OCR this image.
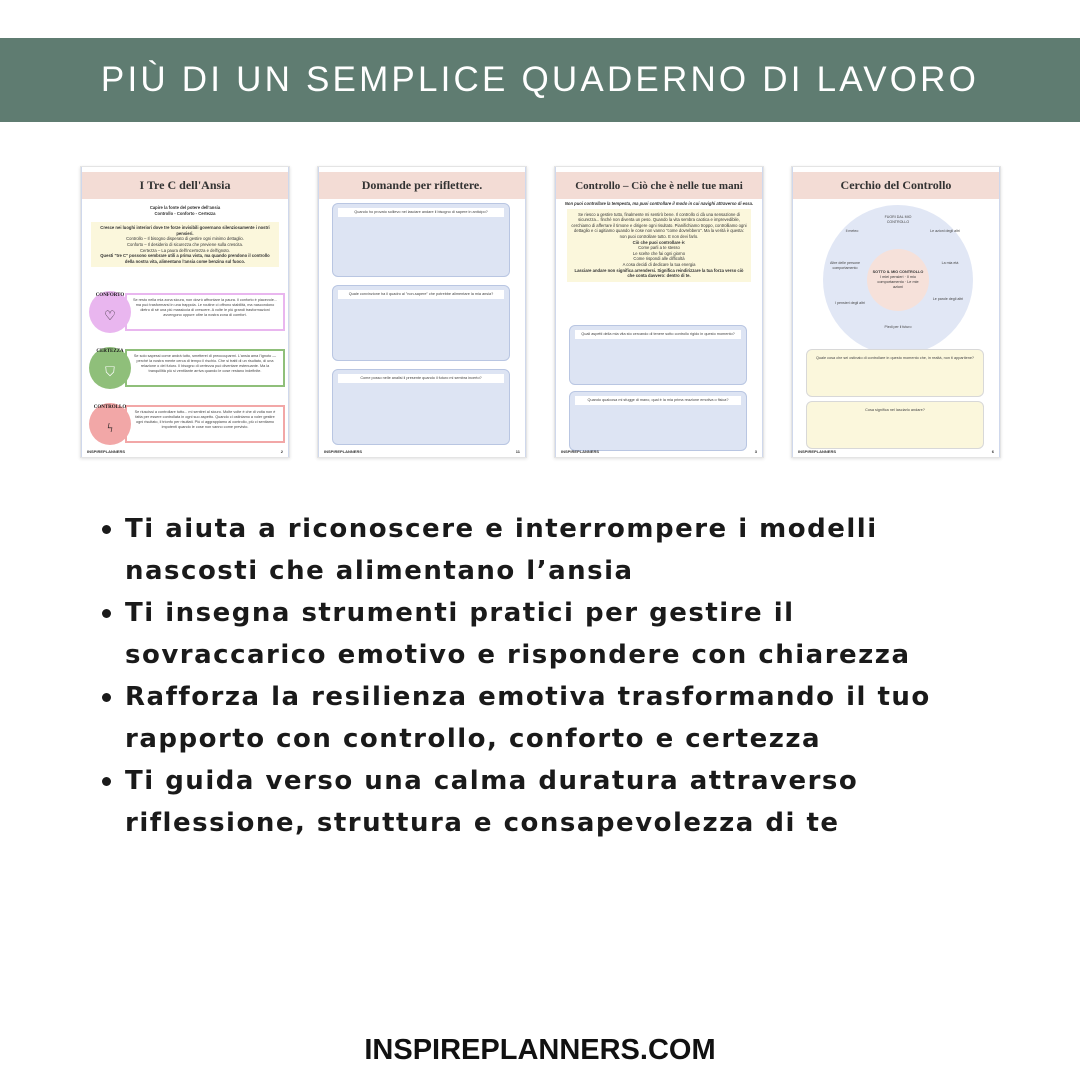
PIÙ DI UN SEMPLICE QUADERNO DI LAVORO
I Tre C dell'Ansia
Capire la fonte del potere dell'ansia
Controllo - Conforto - Certezza
Cresce nei luoghi interiori dove tre forze invisibili governano silenziosamente i nostri pensieri.
Controllo – Il bisogno disperato di gestire ogni minimo dettaglio.
Conforto – Il desiderio di sicurezza che previene sulla crescita.
Certezza – La paura dell'incertezza e dell'ignoto.
Questi "tre C" possono sembrare utili a prima vista, ma quando prendono il controllo della nostra vita, alimentano l'ansia come benzina sul fuoco.
CONFORTO
♡
Se resto nella mia zona sicura, non dovrò affrontare la paura. Il conforto è piacevole... ma può trasformarsi in una trappola. Le routine ci offrono stabilità, ma nascondono dietro di sé una più massiccia di crescere. A volte le più grandi trasformazioni avvengono oppure oltre la nostra zona di comfort.
CERTEZZA
⛉
Se solo sapessi come andrà tutto, smetterei di preoccuparmi. L'ansia ama l'ignoto — perché la nostra mente cerca di tempo il rischio. Che si tratti di un risultato, di una relazione o del futuro. Il bisogno di certezza può diventare estenuante. Ma la tranquillità più si ventilante arriva quando le cose restano indefinite.
CONTROLLO
ϟ
Se riuscissi a controllare tutto... mi sentirei al sicuro. Molte volte è che di volta non è fatta per essere controllata in ogni suo aspetto. Quando ci ostiniamo a voler gestire ogni risultato, il trionfo per risultati. Più ci aggrappiamo al controllo, più ci sentiamo impotenti quando le cose non vanno come previsto.
INSPIREPLANNERS	2
Domande per riflettere.
Quando ho provato sollievo nel lasciare andare il bisogno di sapere in anticipo?
Quale convinzione ha il quadro al "non-sapere" che potrebbe alimentare la mia ansia?
Come posso nelle analisi il presente quando il futuro mi sembra incerto?
INSPIREPLANNERS	11
Controllo – Ciò che è nelle tue mani
Non puoi controllare la tempesta, ma puoi controllare il modo in cui navighi attraverso di essa.
Se riesco a gestire tutto, finalmente mi sentirò bene. Il controllo ci dà una sensazione di sicurezza... finché non diventa un peso. Quando la vita sembra caotica e imprevedibile, cerchiamo di afferrare il timone e dirigere ogni risultato. Pianifichiamo troppo, controlliamo ogni dettaglio e ci agitiamo quando le cose non vanno "come dovrebbero". Ma la verità è questa: non puoi controllare tutto. E non devi farlo.
Ciò che puoi controllare è:
Come parli a te stesso
Le scelte che fai ogni giorno
Come rispondi alle difficoltà
A cosa decidi di dedicare la tua energia
Lasciare andare non significa arrendersi. Significa reindirizzare la tua forza verso ciò che conta davvero: dentro di te.
Quali aspetti della mia vita sto cercando di tenere sotto controllo rigido in questo momento?
Quando qualcosa mi sfugge di mano, qual è la mia prima reazione emotiva o fisica?
INSPIREPLANNERS	3
Cerchio del Controllo
FUORI DAL MIO CONTROLLO
Il meteo	Le azioni degli altri
Altre delle persone comportamento
La mia età
I pensieri degli altri
Le parole degli altri
Piedi per il futuro
SOTTO IL MIO CONTROLLO
I miei pensieri · Il mio comportamento · Le mie azioni
Quale cosa che sei ostinato di controllare in questo momento che, in realtà, non ti appartiene?
Cosa significa nel lasciarlo andare?
INSPIREPLANNERS	6
Ti aiuta a riconoscere e interrompere i modelli nascosti che alimentano l’ansia
Ti insegna strumenti pratici per gestire il sovraccarico emotivo e rispondere con chiarezza
Rafforza la resilienza emotiva trasformando il tuo rapporto con controllo, conforto e certezza
Ti guida verso una calma duratura attraverso riflessione, struttura e consapevolezza di te
INSPIREPLANNERS.COM
